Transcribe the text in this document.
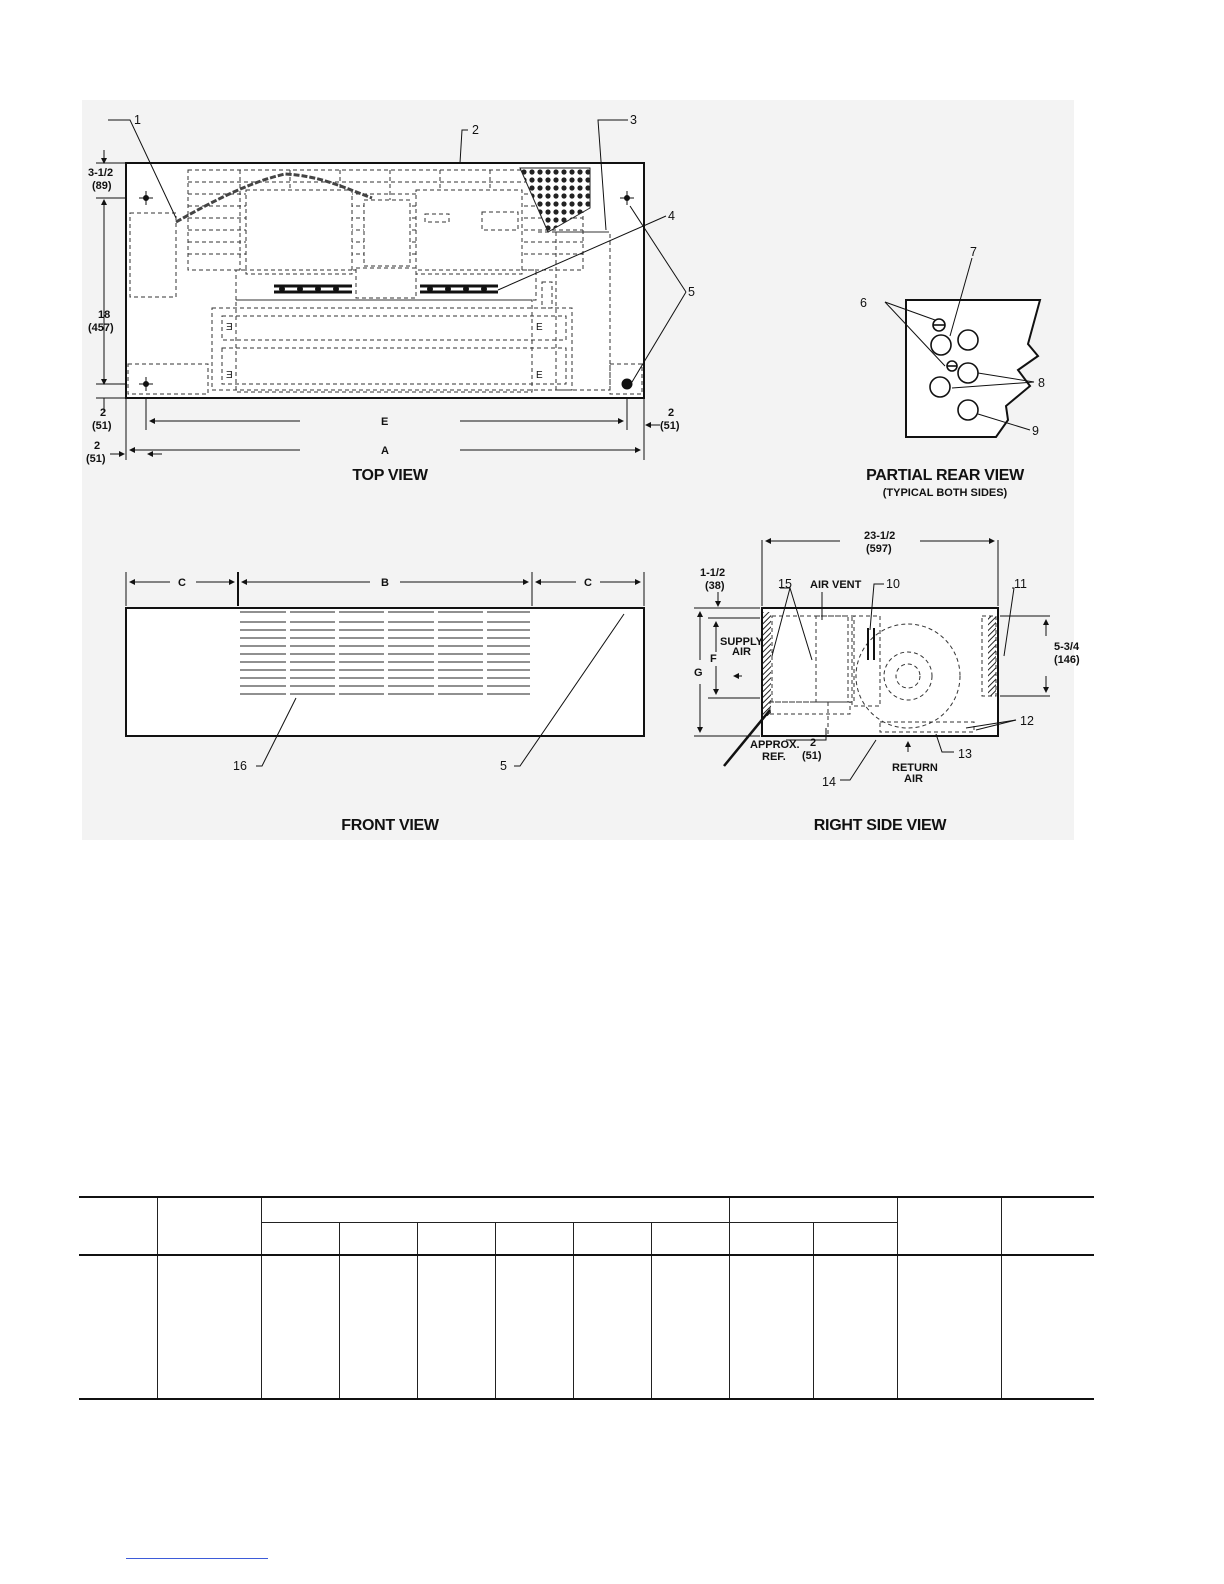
Ǝ
Ǝ
E
E
3-1/2
(89)
18
(457)
2
(51)
2
(51)
2
(51)
E
A
1
2
3
4
5
6
7
8
9
C	B	C
16	5
23-1/2
(597)
1-1/2
(38)
G
F
5-3/4
(146)
2
(51)
SUPPLY
AIR
AIR VENT
APPROX.
REF.
RETURN
AIR
15	10	11
12
13
14
TOP VIEW	PARTIAL REAR VIEW
(TYPICAL BOTH SIDES)
FRONT VIEW	RIGHT SIDE VIEW
